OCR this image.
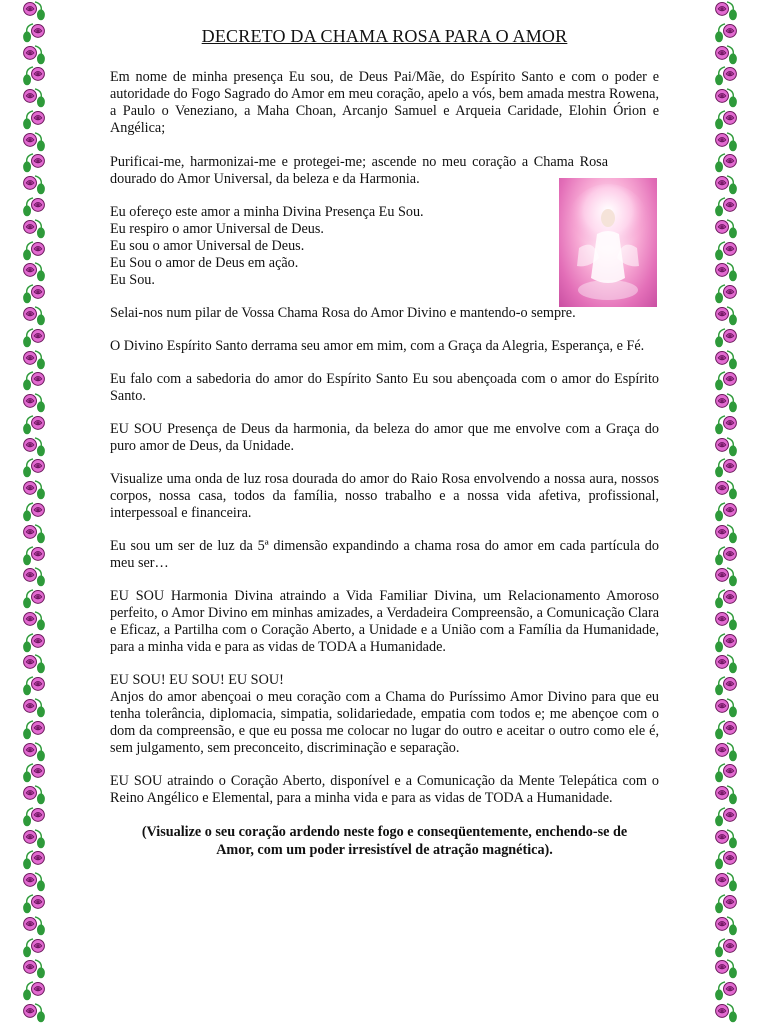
DECRETO DA CHAMA ROSA PARA O AMOR

Em nome de minha presença Eu sou, de Deus Pai/Mãe, do Espírito Santo e com o poder e autoridade do Fogo Sagrado do Amor em meu coração, apelo a vós, bem amada mestra Rowena, a Paulo o Veneziano, a Maha Choan, Arcanjo Samuel e Arqueia Caridade, Elohin Órion e Angélica;

Purificai-me, harmonizai-me e protegei-me; ascende no meu coração a Chama Rosa dourado do Amor Universal, da beleza e da Harmonia.

Eu ofereço este amor a minha Divina Presença Eu Sou.

Eu respiro o amor Universal de Deus.

Eu sou o amor Universal de Deus.

Eu Sou o amor de Deus em ação.

Eu Sou.

Selai-nos num pilar de Vossa Chama Rosa do Amor Divino e mantendo-o sempre.

O Divino Espírito Santo derrama seu amor em mim, com a Graça da Alegria, Esperança, e Fé.

Eu falo com a sabedoria do amor do Espírito Santo Eu sou abençoada com o amor do Espírito Santo.

EU SOU Presença de Deus da harmonia, da beleza do amor que me envolve com a Graça do puro amor de Deus, da Unidade.

Visualize uma onda de luz rosa dourada do amor do Raio Rosa envolvendo a nossa aura, nossos corpos, nossa casa, todos da família, nosso trabalho e a nossa vida afetiva, profissional, interpessoal e financeira.

Eu sou um ser de luz da 5ª dimensão expandindo a chama rosa do amor em cada partícula do meu ser…

EU SOU Harmonia Divina atraindo a Vida Familiar Divina, um Relacionamento Amoroso perfeito, o Amor Divino em minhas amizades, a Verdadeira Compreensão, a Comunicação Clara e Eficaz, a Partilha com o Coração Aberto, a Unidade e a União com a Família da Humanidade, para a minha vida e para as vidas de TODA a Humanidade.

EU SOU! EU SOU! EU SOU!

Anjos do amor abençoai o meu coração com a Chama do Puríssimo Amor Divino para que eu tenha tolerância, diplomacia, simpatia, solidariedade, empatia com todos e; me abençoe com o dom da compreensão, e que eu possa me colocar no lugar do outro e aceitar o outro como ele é, sem julgamento, sem preconceito, discriminação e separação.

EU SOU atraindo o Coração Aberto, disponível e a Comunicação da Mente Telepática com o Reino Angélico e Elemental, para a minha vida e para as vidas de TODA a Humanidade.

(Visualize o seu coração ardendo neste fogo e conseqüentemente, enchendo-se de
Amor, com um poder irresistível de atração magnética).
